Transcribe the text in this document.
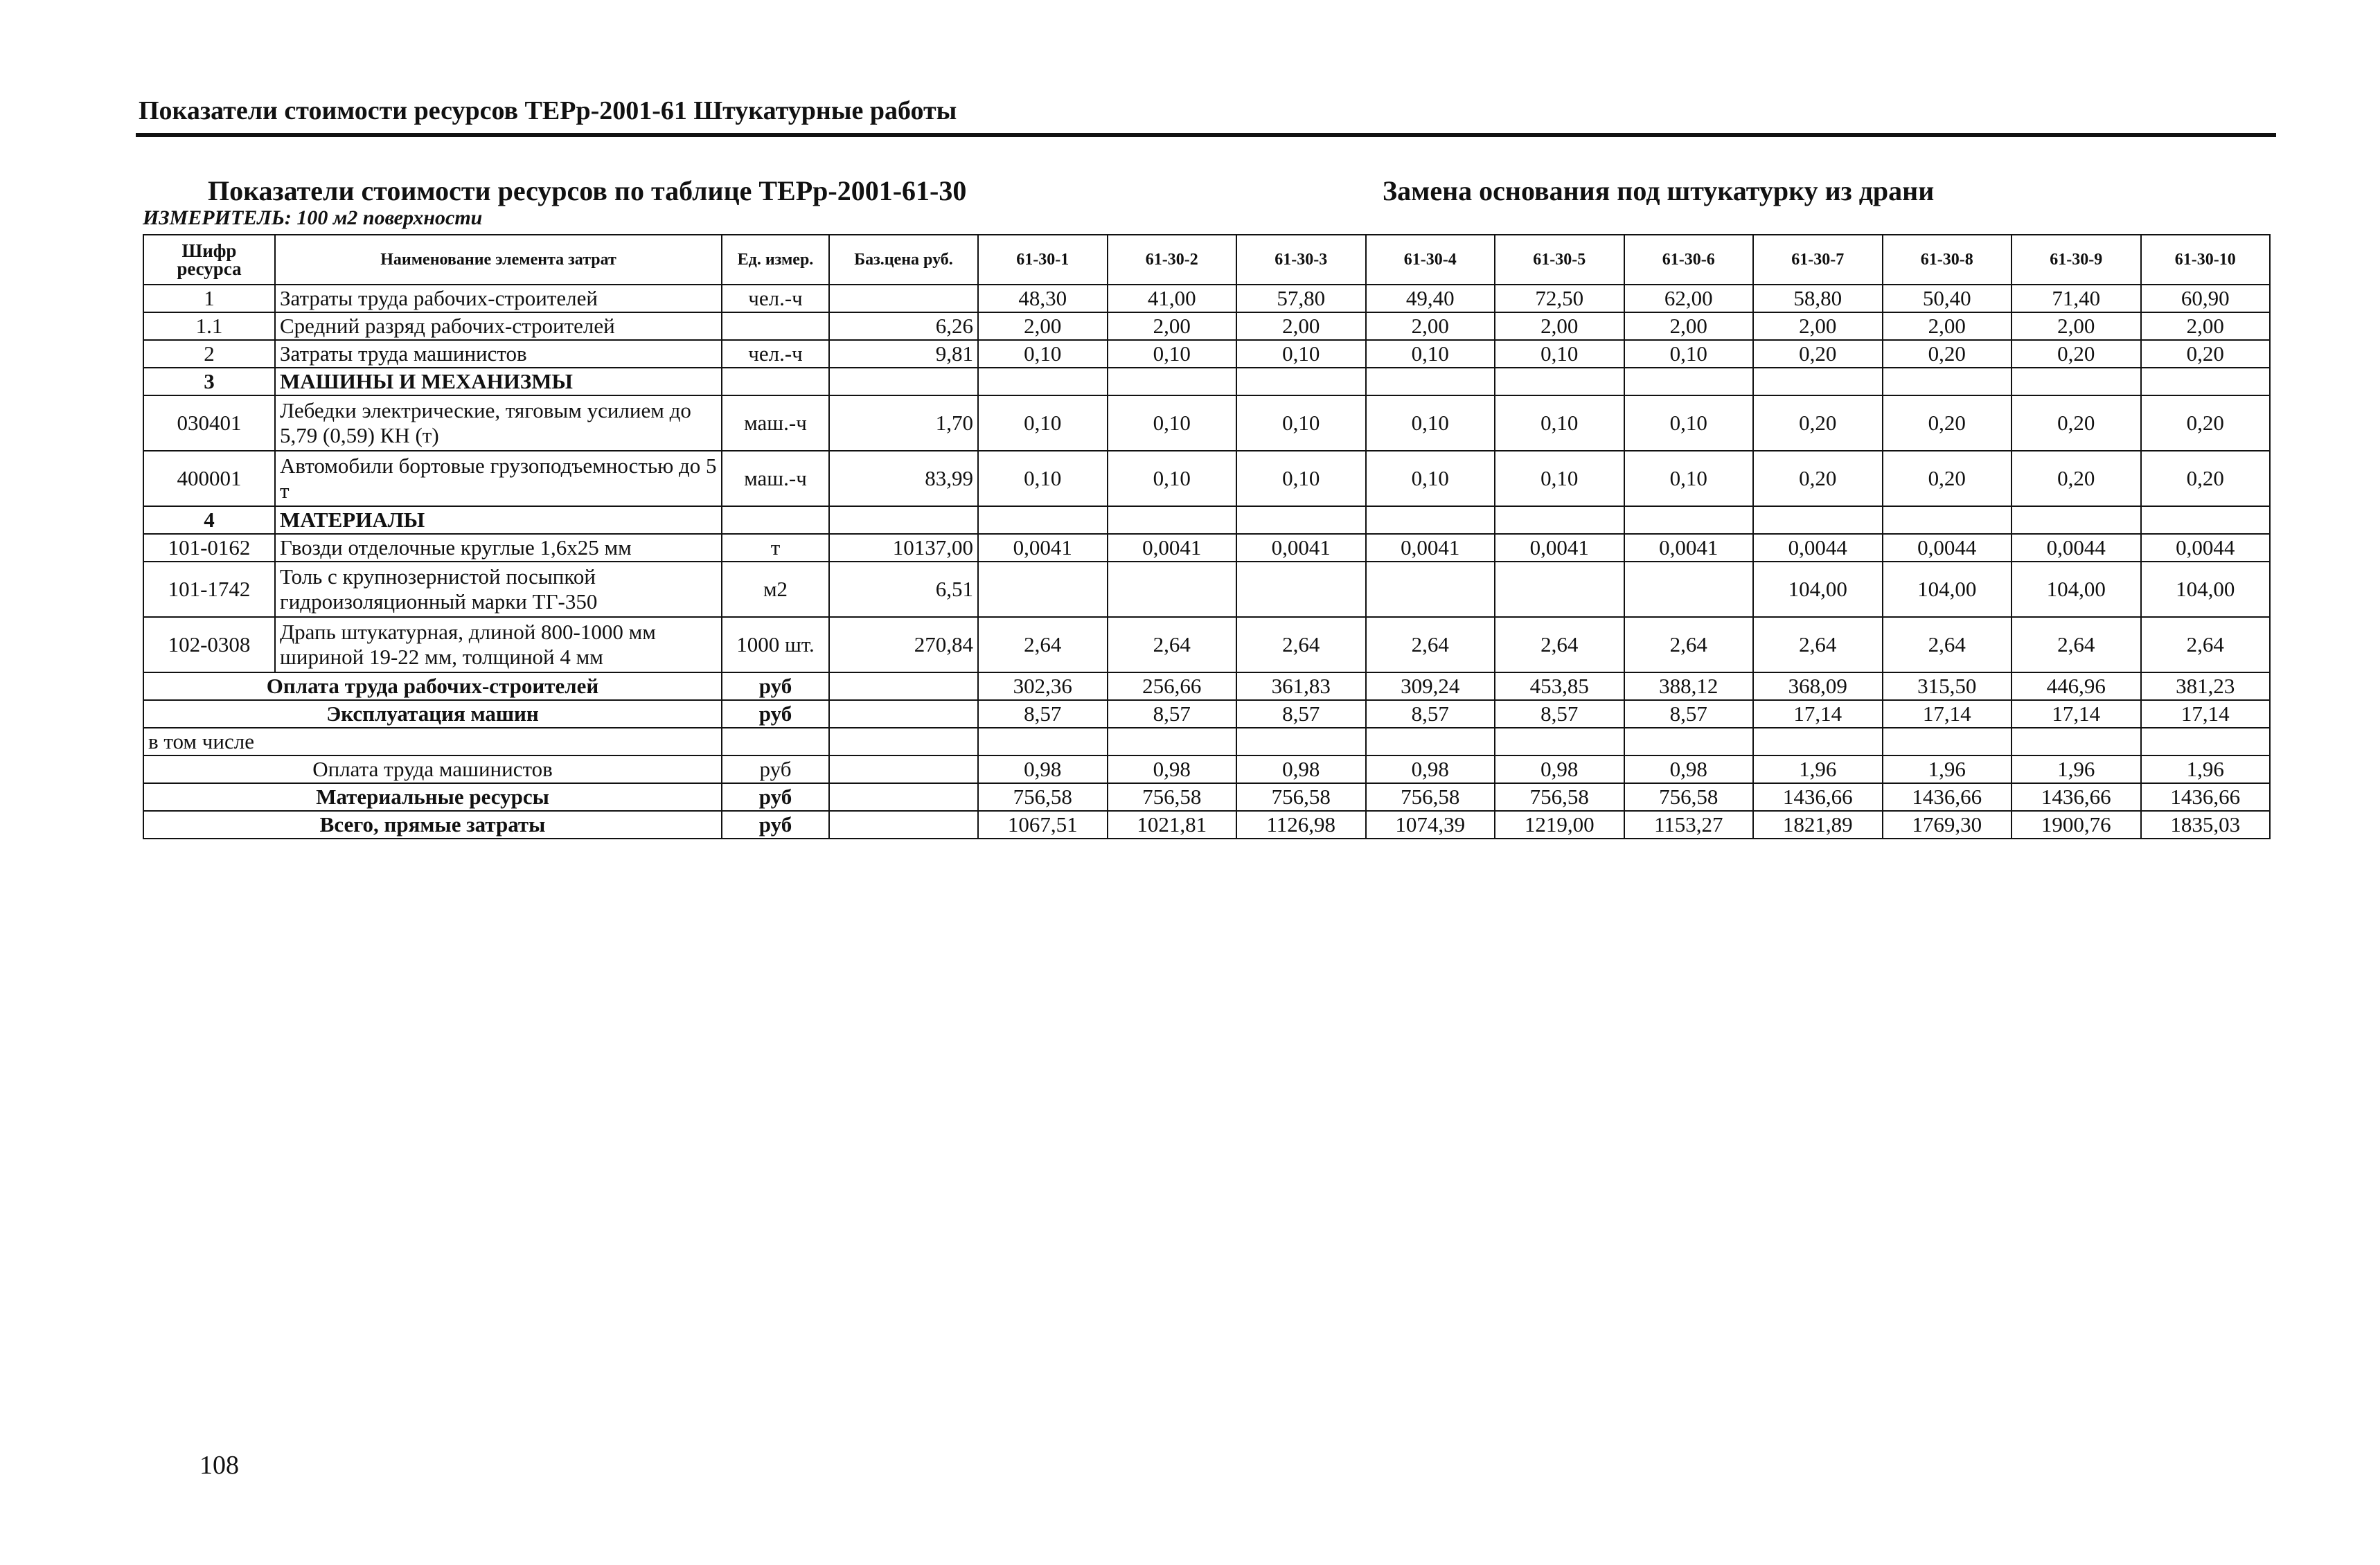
Показатели стоимости ресурсов ТЕРр-2001-61 Штукатурные работы
Показатели стоимости ресурсов по таблице ТЕРр-2001-61-30	Замена основания под штукатурку из драни
ИЗМЕРИТЕЛЬ: 100 м2 поверхности
Шифр ресурса	Наименование элемента затрат	Ед. измер.	Баз.цена руб.	61-30-1	61-30-2	61-30-3	61-30-4	61-30-5	61-30-6	61-30-7	61-30-8	61-30-9	61-30-10
1	Затраты труда рабочих-строителей	чел.-ч		48,30	41,00	57,80	49,40	72,50	62,00	58,80	50,40	71,40	60,90
1.1	Средний разряд рабочих-строителей		6,26	2,00	2,00	2,00	2,00	2,00	2,00	2,00	2,00	2,00	2,00
2	Затраты труда машинистов	чел.-ч	9,81	0,10	0,10	0,10	0,10	0,10	0,10	0,20	0,20	0,20	0,20
3	МАШИНЫ И МЕХАНИЗМЫ												
030401	Лебедки электрические, тяговым усилием до 5,79 (0,59) КН (т)	маш.-ч	1,70	0,10	0,10	0,10	0,10	0,10	0,10	0,20	0,20	0,20	0,20
400001	Автомобили бортовые грузоподъемностью до 5 т	маш.-ч	83,99	0,10	0,10	0,10	0,10	0,10	0,10	0,20	0,20	0,20	0,20
4	МАТЕРИАЛЫ												
101-0162	Гвозди отделочные круглые 1,6х25 мм	т	10137,00	0,0041	0,0041	0,0041	0,0041	0,0041	0,0041	0,0044	0,0044	0,0044	0,0044
101-1742	Толь с крупнозернистой посыпкой гидроизоляционный марки ТГ-350	м2	6,51							104,00	104,00	104,00	104,00
102-0308	Драпь штукатурная, длиной 800-1000 мм шириной 19-22 мм, толщиной 4 мм	1000 шт.	270,84	2,64	2,64	2,64	2,64	2,64	2,64	2,64	2,64	2,64	2,64
Оплата труда рабочих-строителей		руб		302,36	256,66	361,83	309,24	453,85	388,12	368,09	315,50	446,96	381,23
Эксплуатация машин		руб		8,57	8,57	8,57	8,57	8,57	8,57	17,14	17,14	17,14	17,14
в том числе													
Оплата труда машинистов		руб		0,98	0,98	0,98	0,98	0,98	0,98	1,96	1,96	1,96	1,96
Материальные ресурсы		руб		756,58	756,58	756,58	756,58	756,58	756,58	1436,66	1436,66	1436,66	1436,66
Всего, прямые затраты		руб		1067,51	1021,81	1126,98	1074,39	1219,00	1153,27	1821,89	1769,30	1900,76	1835,03
108
